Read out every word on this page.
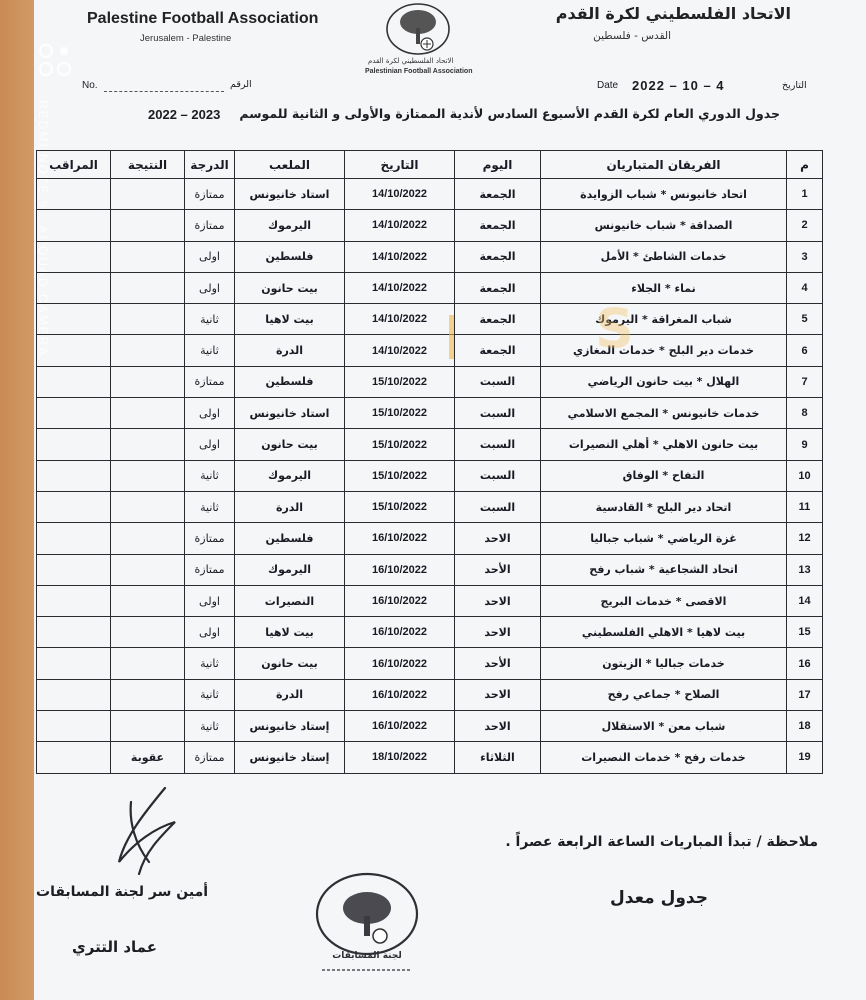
REDMI NOTE 9 · AI QUAD CAMERA
Palestine Football Association
Jerusalem - Palestine
الاتحاد الفلسطيني لكرة القدم
القدس - فلسطين
الاتحاد الفلسطيني لكرة القدم
Palestinian Football Association
No.	الرقم	Date 2022 – 10 – 4	التاريخ
جدول الدوري العام لكرة القدم الأسبوع السادس لأندية الممتازة والأولى و الثانية للموسم
2022 – 2023
م	الفريقان المتباريان	اليوم	التاريخ	الملعب	الدرجة	النتيجة	المراقب
1	اتحاد خانيونس * شباب الزوايدة	الجمعة	14/10/2022	استاد خانيونس	ممتازة		
2	الصداقة * شباب خانيونس	الجمعة	14/10/2022	اليرموك	ممتازة		
3	خدمات الشاطئ * الأمل	الجمعة	14/10/2022	فلسطين	اولى		
4	نماء * الجلاء	الجمعة	14/10/2022	بيت حانون	اولى		
5	شباب المغراقة * اليرموك	الجمعة	14/10/2022	بيت لاهيا	ثانية		
6	خدمات دير البلح * خدمات المغازي	الجمعة	14/10/2022	الدرة	ثانية		
7	الهلال * بيت حانون الرياضي	السبت	15/10/2022	فلسطين	ممتازة		
8	خدمات خانيونس * المجمع الاسلامي	السبت	15/10/2022	استاد خانيونس	اولى		
9	بيت حانون الاهلي * أهلي النصيرات	السبت	15/10/2022	بيت حانون	اولى		
10	التفاح * الوفاق	السبت	15/10/2022	اليرموك	ثانية		
11	اتحاد دير البلح * القادسية	السبت	15/10/2022	الدرة	ثانية		
12	غزة الرياضي * شباب جباليا	الاحد	16/10/2022	فلسطين	ممتازة		
13	اتحاد الشجاعية * شباب رفح	الأحد	16/10/2022	اليرموك	ممتازة		
14	الاقصى * خدمات البريج	الاحد	16/10/2022	النصيرات	اولى		
15	بيت لاهيا * الاهلي الفلسطيني	الاحد	16/10/2022	بيت لاهيا	اولى		
16	خدمات جباليا * الزيتون	الأحد	16/10/2022	بيت حانون	ثانية		
17	الصلاح * جماعي رفح	الاحد	16/10/2022	الدرة	ثانية		
18	شباب معن * الاستقلال	الاحد	16/10/2022	إستاد خانيونس	ثانية		
19	خدمات رفح * خدمات النصيرات	الثلاثاء	18/10/2022	إستاد خانيونس	ممتازة	عقوبة	
S
ملاحظة / تبدأ المباريات الساعة الرابعة عصراً .
جدول معدل
أمين سر لجنة المسابقات
عماد التتري	لجنة المسابقات
